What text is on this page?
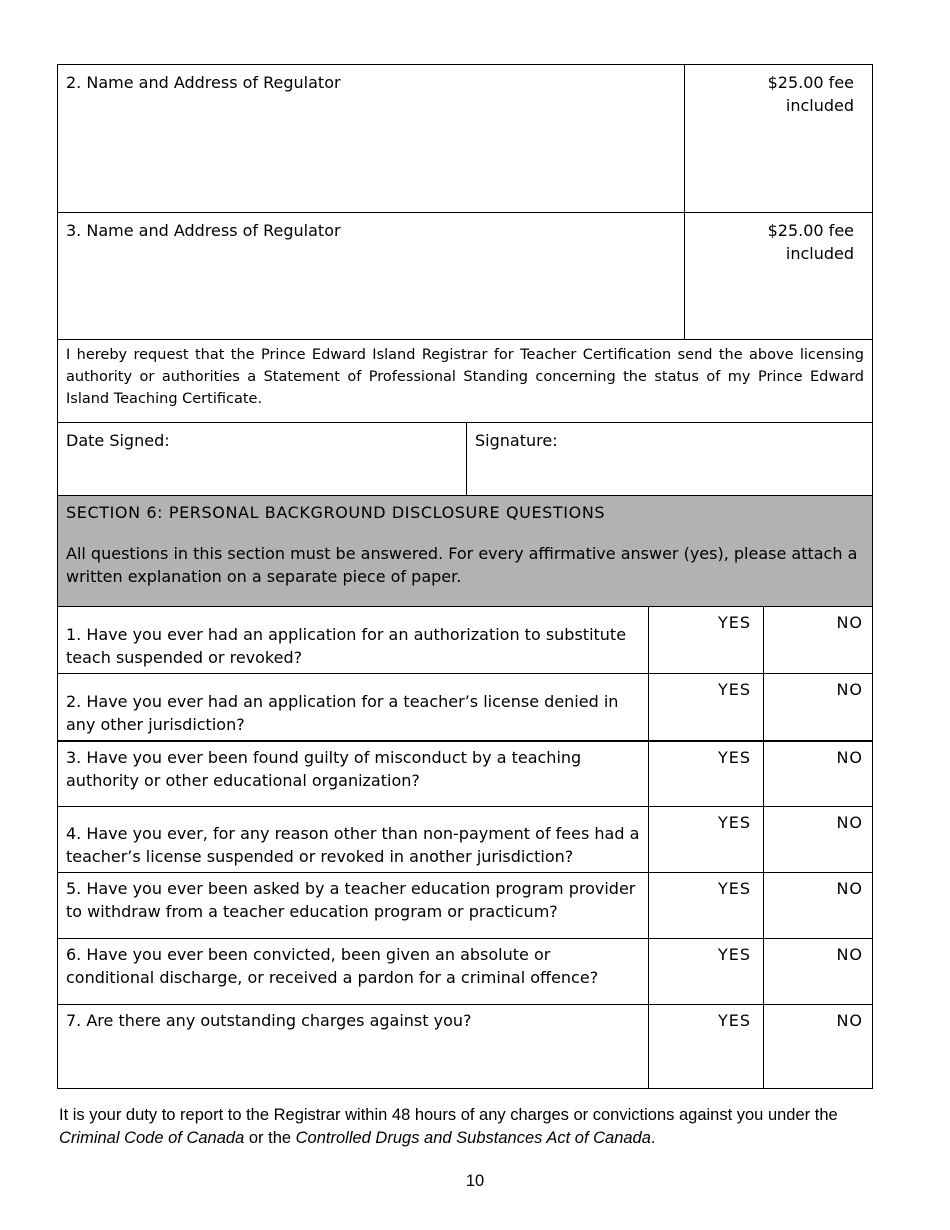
2. Name and Address of Regulator	$25.00 fee
included
3. Name and Address of Regulator	$25.00 fee
included
I hereby request that the Prince Edward Island Registrar for Teacher Certification send the above licensing authority or authorities a Statement of Professional Standing concerning the status of my Prince Edward Island Teaching Certificate.
Date Signed:	Signature:
SECTION 6: PERSONAL BACKGROUND DISCLOSURE QUESTIONS
All questions in this section must be answered. For every affirmative answer (yes), please attach a written explanation on a separate piece of paper.
1. Have you ever had an application for an authorization to substitute teach suspended or revoked?
YES	NO
2. Have you ever had an application for a teacher’s license denied in any other jurisdiction?
YES	NO
3. Have you ever been found guilty of misconduct by a teaching authority or other educational organization?
YES	NO
4. Have you ever, for any reason other than non-payment of fees had a teacher’s license suspended or revoked in another jurisdiction?
YES	NO
5. Have you ever been asked by a teacher education program provider to withdraw from a teacher education program or practicum?
YES	NO
6. Have you ever been convicted, been given an absolute or conditional discharge, or received a pardon for a criminal offence?
YES	NO
7. Are there any outstanding charges against you?	YES	NO
It is your duty to report to the Registrar within 48 hours of any charges or convictions against you under the Criminal Code of Canada or the Controlled Drugs and Substances Act of Canada.
10
